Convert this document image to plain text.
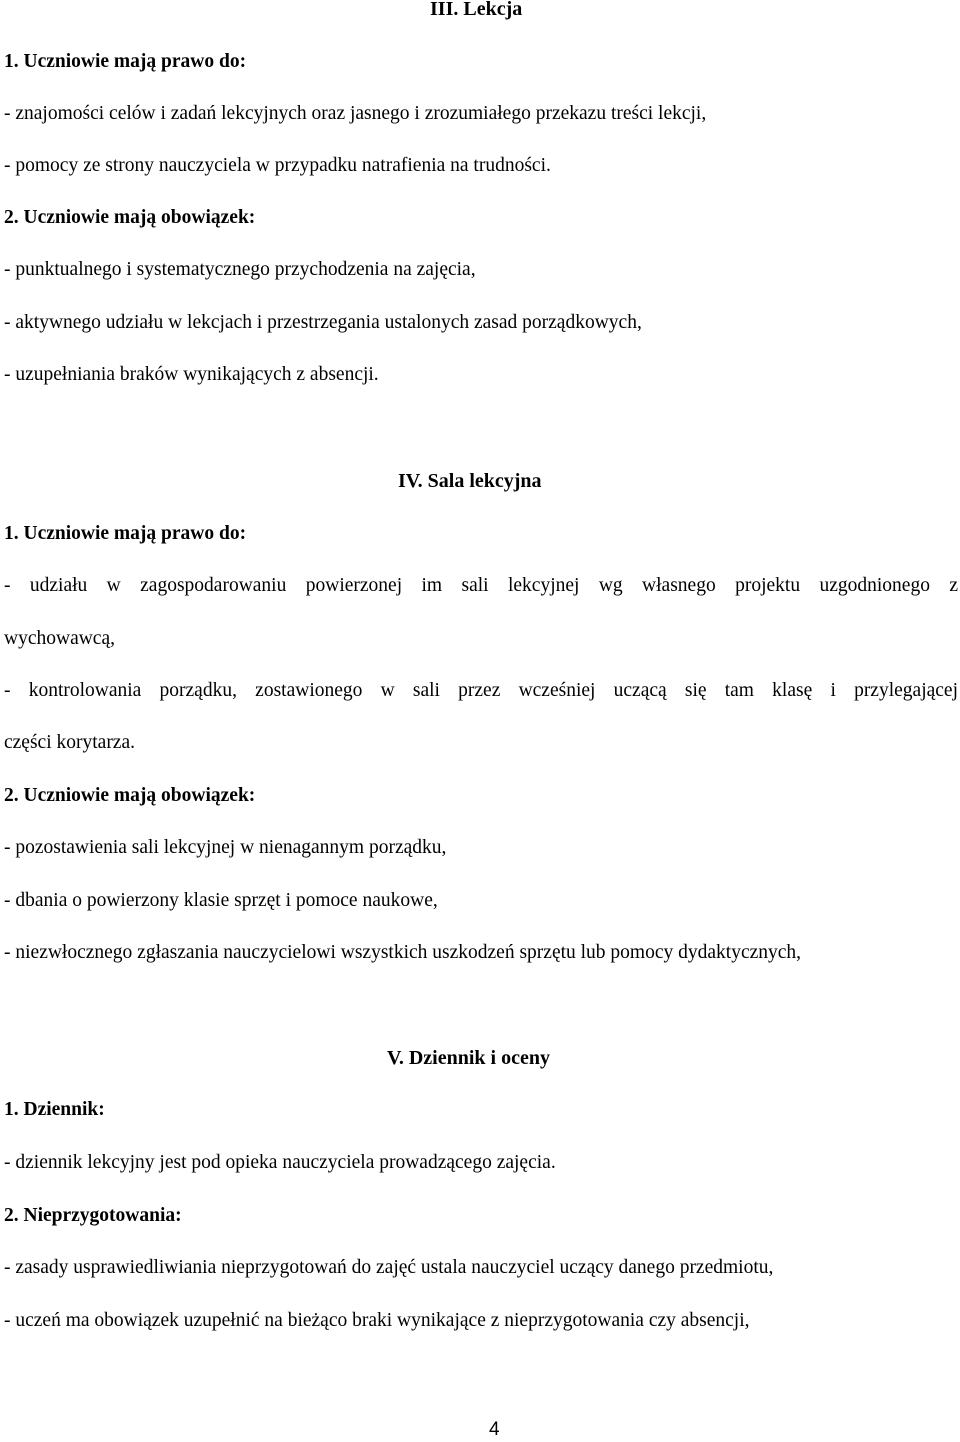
III. Lekcja

1. Uczniowie mają prawo do:

- znajomości celów i zadań lekcyjnych oraz jasnego i zrozumiałego przekazu treści lekcji,

- pomocy ze strony nauczyciela w przypadku natrafienia na trudności.

2. Uczniowie mają obowiązek:

- punktualnego i systematycznego przychodzenia na zajęcia,

- aktywnego udziału w lekcjach i przestrzegania ustalonych zasad porządkowych,

- uzupełniania braków wynikających z absencji.

IV. Sala lekcyjna

1. Uczniowie mają prawo do:

- udziału w zagospodarowaniu powierzonej im sali lekcyjnej wg własnego projektu uzgodnionego z

wychowawcą,

- kontrolowania porządku, zostawionego w sali przez wcześniej uczącą się tam klasę i przylegającej

części korytarza.

2. Uczniowie mają obowiązek:

- pozostawienia sali lekcyjnej w nienagannym porządku,

- dbania o powierzony klasie sprzęt i pomoce naukowe,

- niezwłocznego zgłaszania nauczycielowi wszystkich uszkodzeń sprzętu lub pomocy dydaktycznych,

V. Dziennik i oceny

1. Dziennik:

- dziennik lekcyjny jest pod opieka nauczyciela prowadzącego zajęcia.

2. Nieprzygotowania:

- zasady usprawiedliwiania nieprzygotowań do zajęć ustala nauczyciel uczący danego przedmiotu,

- uczeń ma obowiązek uzupełnić na bieżąco braki wynikające z nieprzygotowania czy absencji,

4
